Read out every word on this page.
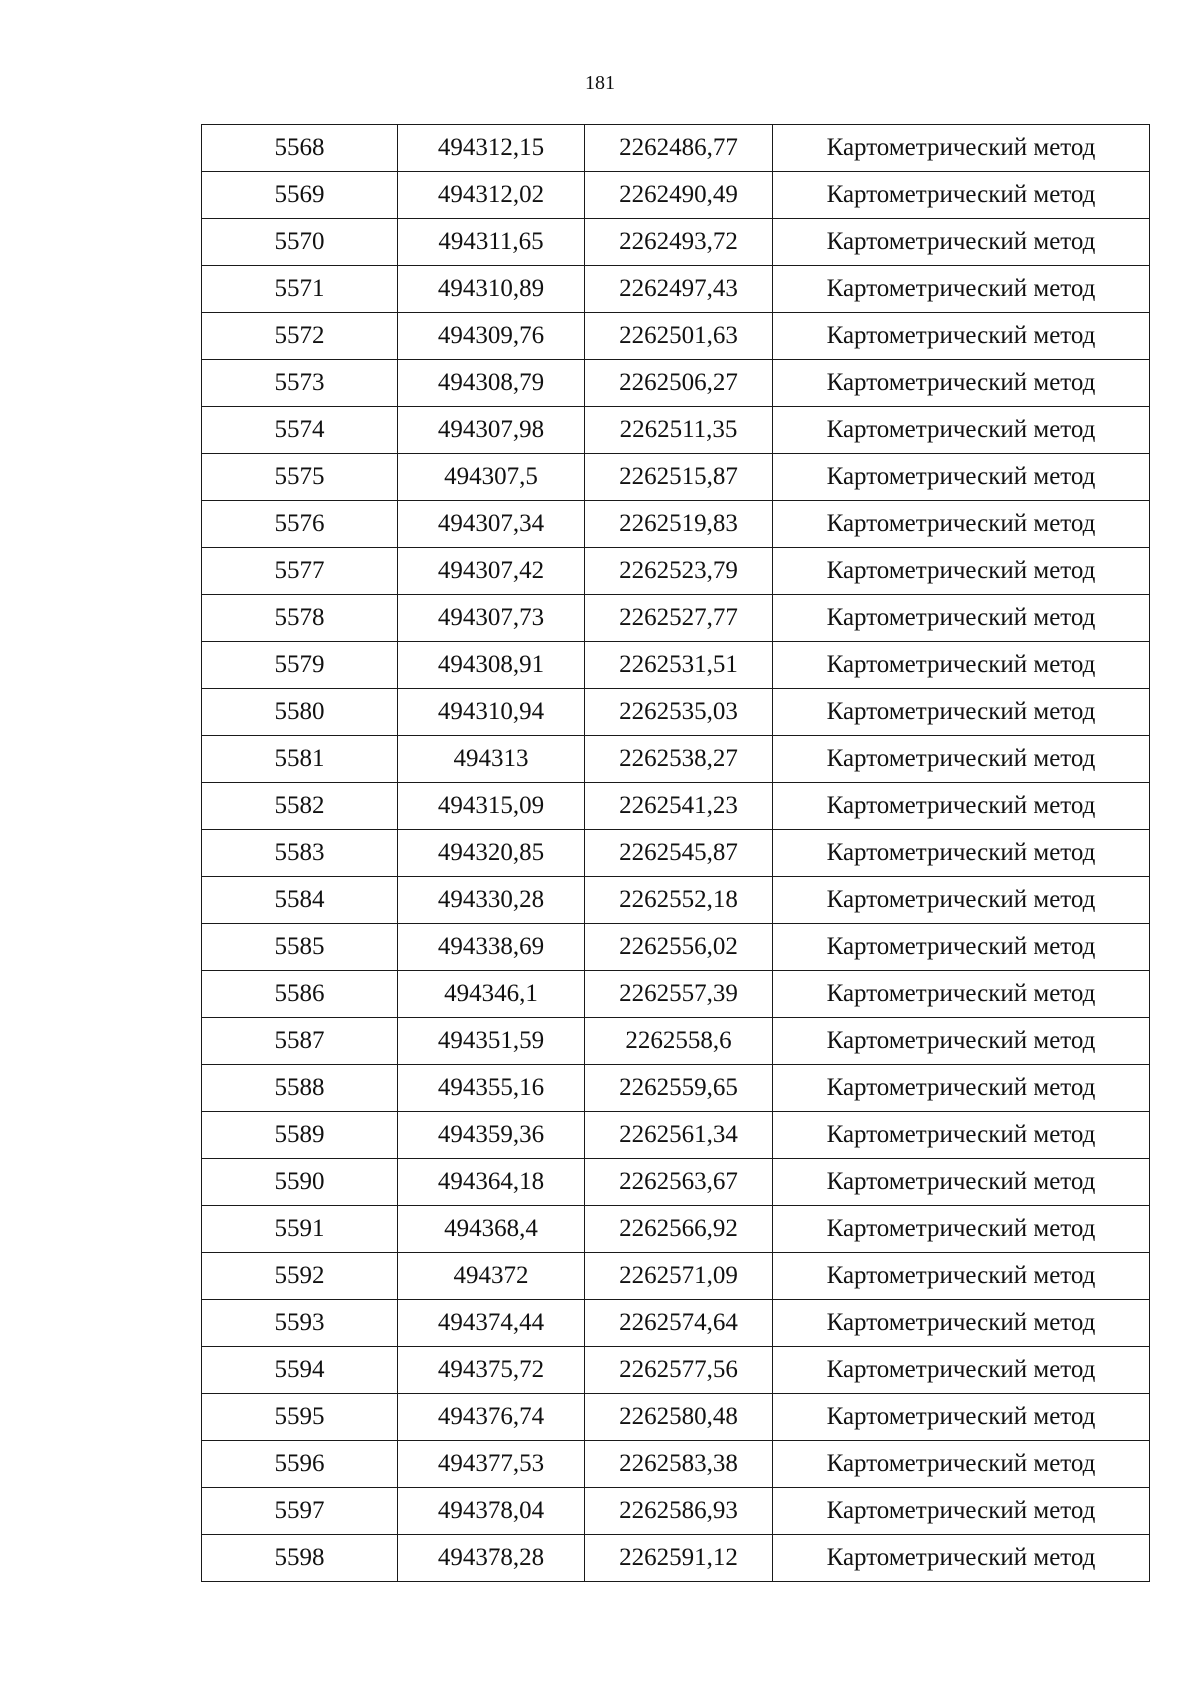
181
5568	494312,15	2262486,77	Картометрический метод
5569	494312,02	2262490,49	Картометрический метод
5570	494311,65	2262493,72	Картометрический метод
5571	494310,89	2262497,43	Картометрический метод
5572	494309,76	2262501,63	Картометрический метод
5573	494308,79	2262506,27	Картометрический метод
5574	494307,98	2262511,35	Картометрический метод
5575	494307,5	2262515,87	Картометрический метод
5576	494307,34	2262519,83	Картометрический метод
5577	494307,42	2262523,79	Картометрический метод
5578	494307,73	2262527,77	Картометрический метод
5579	494308,91	2262531,51	Картометрический метод
5580	494310,94	2262535,03	Картометрический метод
5581	494313	2262538,27	Картометрический метод
5582	494315,09	2262541,23	Картометрический метод
5583	494320,85	2262545,87	Картометрический метод
5584	494330,28	2262552,18	Картометрический метод
5585	494338,69	2262556,02	Картометрический метод
5586	494346,1	2262557,39	Картометрический метод
5587	494351,59	2262558,6	Картометрический метод
5588	494355,16	2262559,65	Картометрический метод
5589	494359,36	2262561,34	Картометрический метод
5590	494364,18	2262563,67	Картометрический метод
5591	494368,4	2262566,92	Картометрический метод
5592	494372	2262571,09	Картометрический метод
5593	494374,44	2262574,64	Картометрический метод
5594	494375,72	2262577,56	Картометрический метод
5595	494376,74	2262580,48	Картометрический метод
5596	494377,53	2262583,38	Картометрический метод
5597	494378,04	2262586,93	Картометрический метод
5598	494378,28	2262591,12	Картометрический метод
